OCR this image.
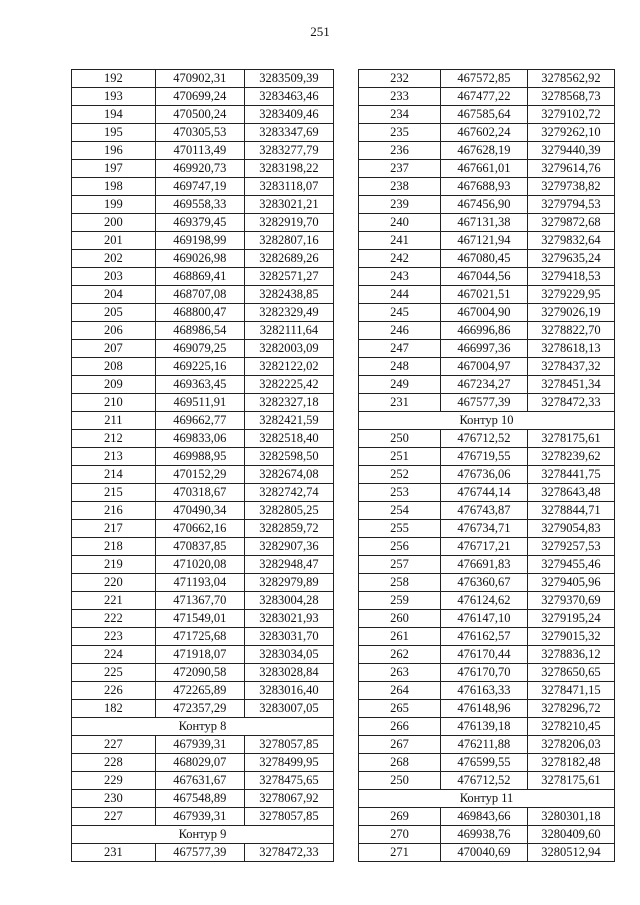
251
192	470902,31	3283509,39
193	470699,24	3283463,46
194	470500,24	3283409,46
195	470305,53	3283347,69
196	470113,49	3283277,79
197	469920,73	3283198,22
198	469747,19	3283118,07
199	469558,33	3283021,21
200	469379,45	3282919,70
201	469198,99	3282807,16
202	469026,98	3282689,26
203	468869,41	3282571,27
204	468707,08	3282438,85
205	468800,47	3282329,49
206	468986,54	3282111,64
207	469079,25	3282003,09
208	469225,16	3282122,02
209	469363,45	3282225,42
210	469511,91	3282327,18
211	469662,77	3282421,59
212	469833,06	3282518,40
213	469988,95	3282598,50
214	470152,29	3282674,08
215	470318,67	3282742,74
216	470490,34	3282805,25
217	470662,16	3282859,72
218	470837,85	3282907,36
219	471020,08	3282948,47
220	471193,04	3282979,89
221	471367,70	3283004,28
222	471549,01	3283021,93
223	471725,68	3283031,70
224	471918,07	3283034,05
225	472090,58	3283028,84
226	472265,89	3283016,40
182	472357,29	3283007,05
Контур 8		
227	467939,31	3278057,85
228	468029,07	3278499,95
229	467631,67	3278475,65
230	467548,89	3278067,92
227	467939,31	3278057,85
Контур 9		
231	467577,39	3278472,33
232	467572,85	3278562,92
233	467477,22	3278568,73
234	467585,64	3279102,72
235	467602,24	3279262,10
236	467628,19	3279440,39
237	467661,01	3279614,76
238	467688,93	3279738,82
239	467456,90	3279794,53
240	467131,38	3279872,68
241	467121,94	3279832,64
242	467080,45	3279635,24
243	467044,56	3279418,53
244	467021,51	3279229,95
245	467004,90	3279026,19
246	466996,86	3278822,70
247	466997,36	3278618,13
248	467004,97	3278437,32
249	467234,27	3278451,34
231	467577,39	3278472,33
Контур 10		
250	476712,52	3278175,61
251	476719,55	3278239,62
252	476736,06	3278441,75
253	476744,14	3278643,48
254	476743,87	3278844,71
255	476734,71	3279054,83
256	476717,21	3279257,53
257	476691,83	3279455,46
258	476360,67	3279405,96
259	476124,62	3279370,69
260	476147,10	3279195,24
261	476162,57	3279015,32
262	476170,44	3278836,12
263	476170,70	3278650,65
264	476163,33	3278471,15
265	476148,96	3278296,72
266	476139,18	3278210,45
267	476211,88	3278206,03
268	476599,55	3278182,48
250	476712,52	3278175,61
Контур 11		
269	469843,66	3280301,18
270	469938,76	3280409,60
271	470040,69	3280512,94
